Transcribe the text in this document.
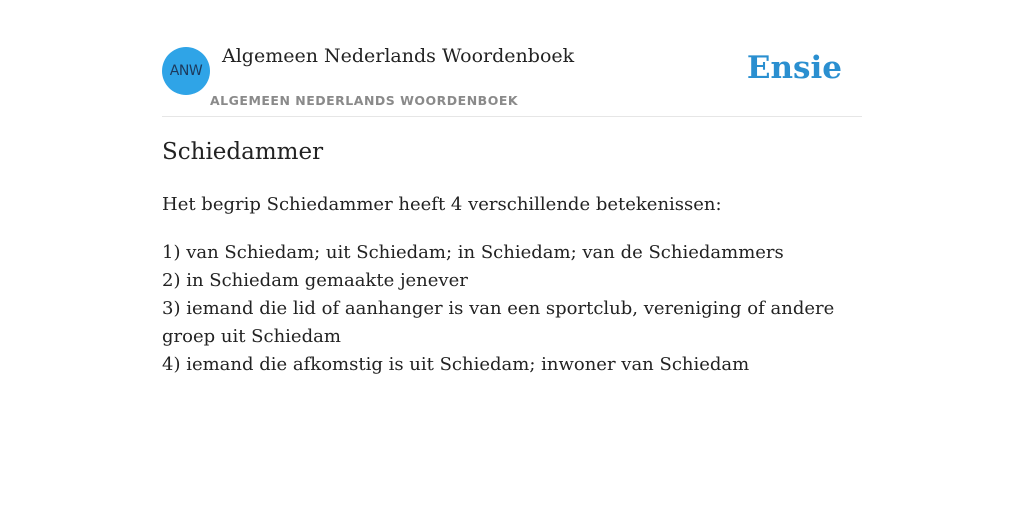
ANW
Algemeen Nederlands Woordenboek
ALGEMEEN NEDERLANDS WOORDENBOEK
Ensie
Schiedammer

Het begrip Schiedammer heeft 4 verschillende betekenissen:

1) van Schiedam; uit Schiedam; in Schiedam; van de Schiedammers
2) in Schiedam gemaakte jenever
3) iemand die lid of aanhanger is van een sportclub, vereniging of andere groep uit Schiedam
4) iemand die afkomstig is uit Schiedam; inwoner van Schiedam
